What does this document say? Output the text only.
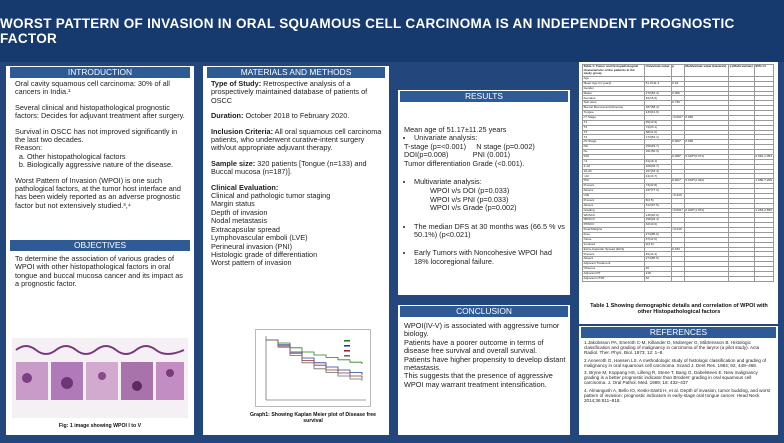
WORST PATTERN OF INVASION IN ORAL SQUAMOUS CELL CARCINOMA IS AN INDEPENDENT PROGNOSTIC FACTOR
INTRODUCTION

Oral cavity squamous cell carcinoma: 30% of all cancers in India.¹

Several clinical and histopathological prognostic factors: Decides for adjuvant treatment after surgery.

Survival in OSCC has not improved significantly in the last two decades.

Reason:
a. Other histopathological factors
b. Biologically aggressive nature of the disease.

Worst Pattern of Invasion (WPOI) is one such pathological factors, at the tumor host interface and has been widely reported as an adverse prognostic factor but not extensively studied.³,⁴

OBJECTIVES
To determine the association of various grades of WPOI with other histopathological factors in oral tongue and buccal mucosa cancer and its impact as a prognostic factor.
Fig: 1 image showing WPOI I to V
MATERIALS AND METHODS

Type of Study: Retrospective analysis of a prospectively maintained database of patients of OSCC

Duration: October 2018 to February 2020.

Inclusion Criteria: All oral squamous cell carcinoma patients, who underwent curative-intent surgery with/out appropriate adjuvant therapy.

Sample size: 320 patients [Tongue (n=133) and Buccal mucosa (n=187)].

Clinical Evaluation:
Clinical and pathologic tumor staging
Margin status
Depth of invasion
Nodal metastasis
Extracapsular spread
Lymphovascular emboli (LVE)
Perineural invasion (PNI)
Histologic grade of differentiation
Worst pattern of invasion
Graph1: Showing Kaplan Meier plot of Disease free survival
RESULTS
Mean age of 51.17±11.25 years
• Univariate analysis:
T-stage (p=<0.001) N stage (p=0.002)
DOI(p=0.008)	PNI (0.001)
Tumor differentiation Grade (<0.001).
• Multivariate analysis:
WPOI v/s DOI (p=0.033)
WPOI v/s PNI (p=0.033)
WPOI v/s Grade (p=0.002)
• The median DFS at 30 months was (66.5 % vs 50.1%) (p<0.021)
• Early Tumors with Noncohesive WPOI had 18% locoregional failure.
CONCLUSION
WPOI(IV-V) is associated with aggressive tumor biology.
Patients have a poorer outcome in terms of disease free survival and overall survival.
Patients have higher propensity to develop distant metastasis.
This suggests that the presence of aggressive WPOI may warrant treatment intensification.
Table 1: Tumor and histopathological characteristic of the patients in the study group	Univariate value	p	Multivariate value (Hazards)	p (Multi-variate)	95% CI
Age					
Mean Age (in years)	51.2±11.3	0.94			
Gender					
Males	270(84.4)	0.006			
Females	46(15.6)				
Sub-sites		0.736			
Buccal Mucosa and Alveolus	187(58.4)				
Tongue	133(41.6)				
cT Stage		<0.001*	0.866		
T1	35(10.9)				
T2	74(23.1)				
T3	38(11.9)				
T4	173(54.1)				
cN Stage		0.002*	0.660		
N0	159(49.7)				
N+	161(50.3)				
DOI		0.008*	0.033*(0.671)		0.664-1.053
<4	61(19.1)				
4-10	108(33.7)				
10-20	107(33.4)				
>20	44(13.7)				
PNI		0.001*	0.033*(2.022)		1.056-7.209
Present	73(22.8)				
Absent	247(77.2)				
LVE		<0.429			
Present	8(2.5)				
Absent	312(97.5)				
Grading		<0.001*	0.002*(1.872)		1.263-2.859
WDSCC	130(40.6)				
MDSCC	158(49.4)				
PDSCC	32(10.0)				
Final Margins		<0.249			
Free	274(85.6)				
Close	37(11.6)				
Involved	9(2.8)				
Extra-Capsular Spread (ECS)		0.183			
Present	46(14.4)				
Absent	274(85.6)				
Adjuvant Treatment					
Observe	40				
Adjuvant RT	218				
Adjuvant CTRT	62				
Table 1 Showing demographic details and correlation of WPOI with other Histopathological factors
REFERENCES

1.Jakobsson PA, Eneroth C-M, Killander D, Moberger G, Mårtensson B. Histologic classification and grading of malignancy in carcinoma of the larynx (a pilot study). Acta Radiol. Ther. Phys. Biol. 1973; 12: 1–8.

2.Anneroth G, Hansen LS. A methodologic study of histologic classification and grading of malignancy in oral squamous cell carcinoma. Scand J. Dent Res. 1984; 92, 448–468.

3. Bryne M, Koppang HS, Lilleng R, Stene T, Bang G, Dabelsteen E. New malignancy grading is a better prognostic indicator than Broders' grading in oral squamous cell carcinoma. J. Oral Pathol. Med. 1989; 18: 432–437

4. Almangush A, Bello IO, Keski-Säntti H, et al. Depth of invasion, tumor budding, and worst pattern of invasion: prognostic indicators in early-stage oral tongue cancer. Head Neck 2014;36:811–818.
